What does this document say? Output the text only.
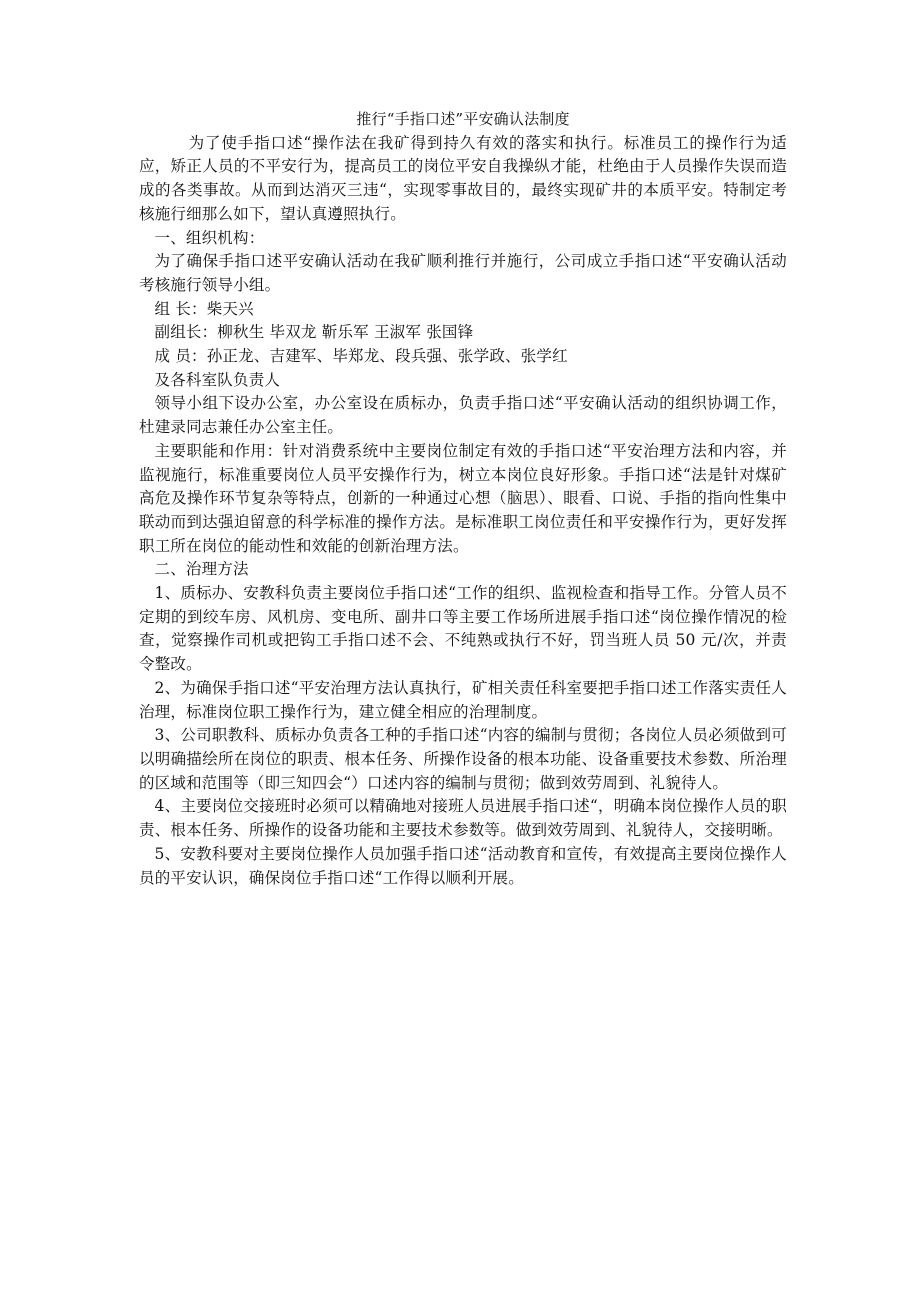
推行“手指口述”平安确认法制度

为了使手指口述“操作法在我矿得到持久有效的落实和执行。标准员工的操作行为适应，矫正人员的不平安行为，提高员工的岗位平安自我操纵才能，杜绝由于人员操作失误而造成的各类事故。从而到达消灭三违“，实现零事故目的，最终实现矿井的本质平安。特制定考核施行细那么如下，望认真遵照执行。

一、组织机构：

为了确保手指口述平安确认活动在我矿顺利推行并施行，公司成立手指口述“平安确认活动考核施行领导小组。

组 长：柴天兴

副组长：柳秋生 毕双龙 靳乐军 王淑军 张国锋

成 员：孙正龙、吉建军、毕郑龙、段兵强、张学政、张学红

及各科室队负责人

领导小组下设办公室，办公室设在质标办，负责手指口述“平安确认活动的组织协调工作，杜建录同志兼任办公室主任。

主要职能和作用：针对消费系统中主要岗位制定有效的手指口述“平安治理方法和内容，并监视施行，标准重要岗位人员平安操作行为，树立本岗位良好形象。手指口述“法是针对煤矿高危及操作环节复杂等特点，创新的一种通过心想（脑思）、眼看、口说、手指的指向性集中联动而到达强迫留意的科学标准的操作方法。是标准职工岗位责任和平安操作行为，更好发挥职工所在岗位的能动性和效能的创新治理方法。

二、治理方法

1、质标办、安教科负责主要岗位手指口述“工作的组织、监视检查和指导工作。分管人员不定期的到绞车房、风机房、变电所、副井口等主要工作场所进展手指口述“岗位操作情况的检查，觉察操作司机或把钩工手指口述不会、不纯熟或执行不好，罚当班人员 50 元/次，并责令整改。

2、为确保手指口述“平安治理方法认真执行，矿相关责任科室要把手指口述工作落实责任人治理，标准岗位职工操作行为，建立健全相应的治理制度。

3、公司职教科、质标办负责各工种的手指口述“内容的编制与贯彻；各岗位人员必须做到可以明确描绘所在岗位的职责、根本任务、所操作设备的根本功能、设备重要技术参数、所治理的区域和范围等（即三知四会“）口述内容的编制与贯彻；做到效劳周到、礼貌待人。

4、主要岗位交接班时必须可以精确地对接班人员进展手指口述“，明确本岗位操作人员的职责、根本任务、所操作的设备功能和主要技术参数等。做到效劳周到、礼貌待人，交接明晰。

5、安教科要对主要岗位操作人员加强手指口述“活动教育和宣传，有效提高主要岗位操作人员的平安认识，确保岗位手指口述“工作得以顺利开展。
